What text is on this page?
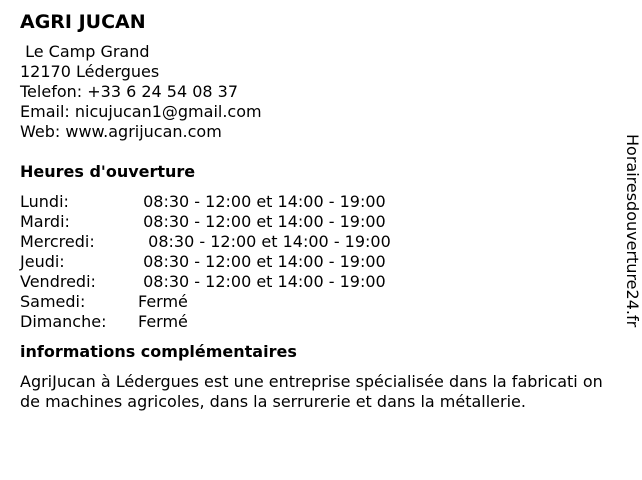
AGRI JUCAN
Le Camp Grand
12170 Lédergues
Telefon: +33 6 24 54 08 37
Email: nicujucan1@gmail.com
Web: www.agrijucan.com
Heures d'ouverture
Lundi:	08:30 - 12:00 et 14:00 - 19:00
Mardi:	08:30 - 12:00 et 14:00 - 19:00
Mercredi:	08:30 - 12:00 et 14:00 - 19:00
Jeudi:	08:30 - 12:00 et 14:00 - 19:00
Vendredi:	08:30 - 12:00 et 14:00 - 19:00
Samedi:	Fermé
Dimanche:	Fermé
informations complémentaires
AgriJucan à Lédergues est une entreprise spécialisée dans la fabricati on de machines agricoles, dans la serrurerie et dans la métallerie.
Horairesdouverture24.fr
